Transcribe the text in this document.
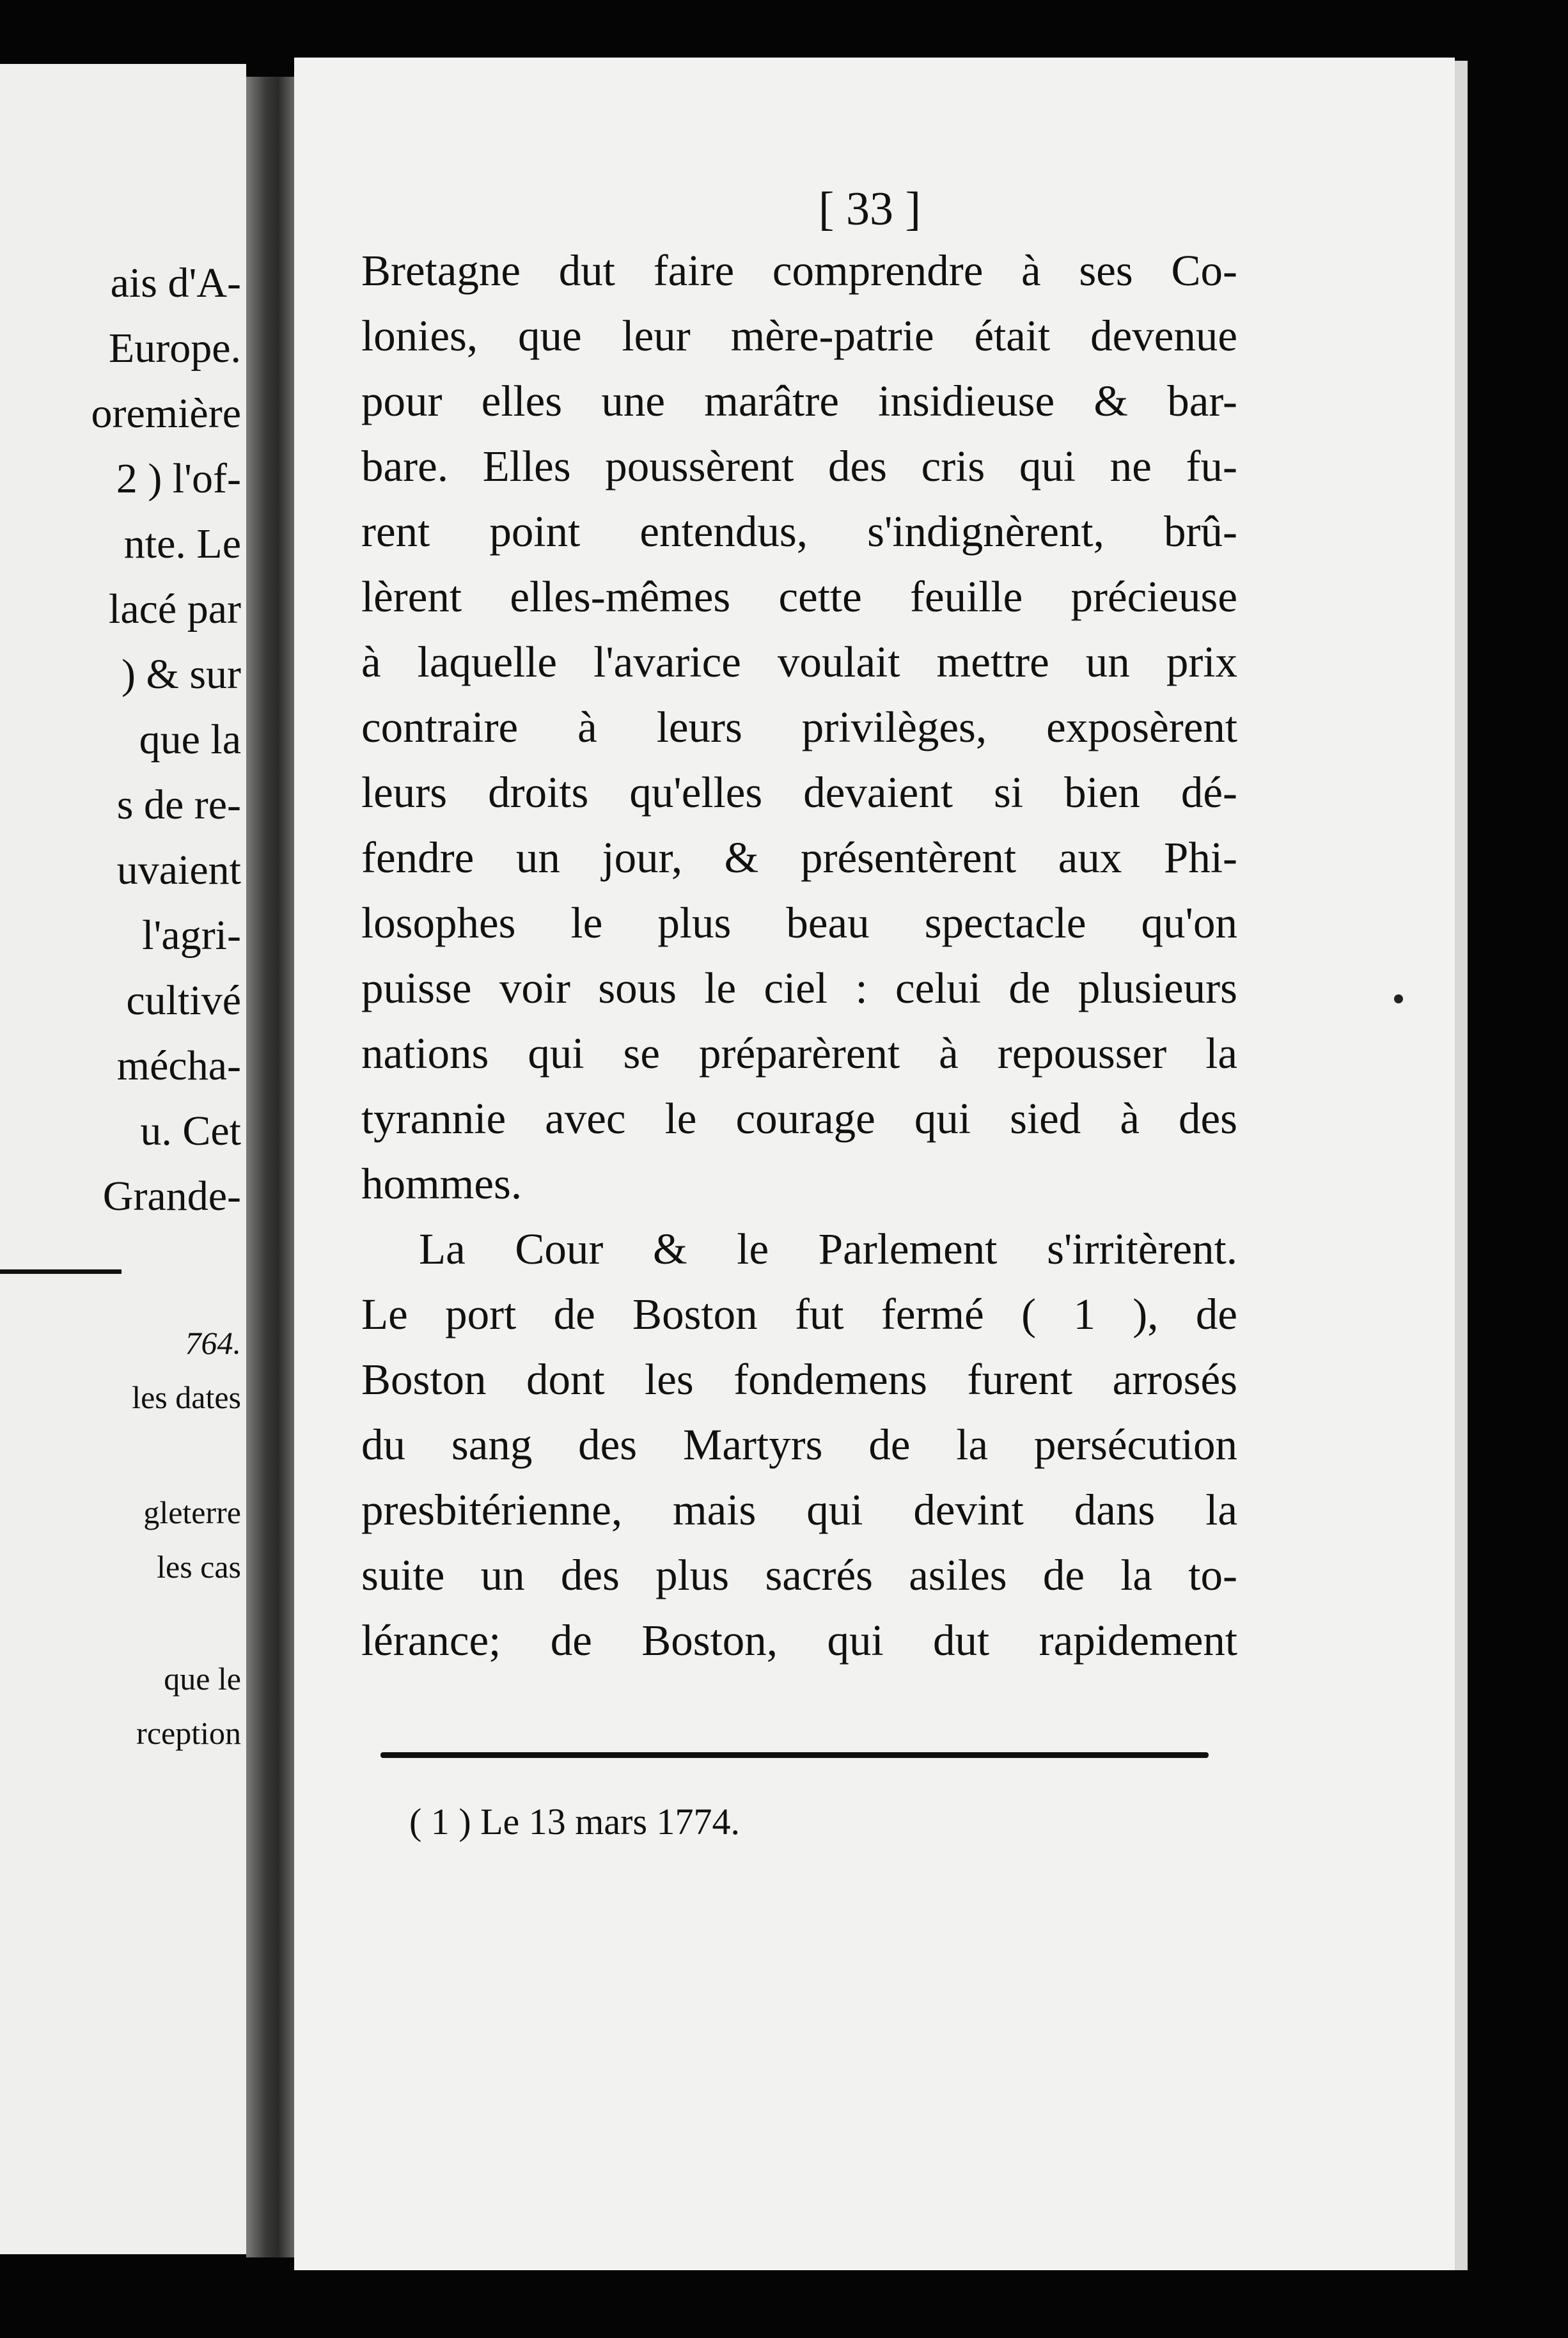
ais d'A-
Europe.
oremière
2 ) l'of-
nte. Le
lacé par
) & sur
que la
s de re-
uvaient
l'agri-
cultivé
mécha-
u. Cet
Grande-
764.
les dates
gleterre
les cas
que le
rception
[ 33 ]
Bretagne dut faire comprendre à ses Co-
lonies, que leur mère-patrie était devenue
pour elles une marâtre insidieuse & bar-
bare. Elles poussèrent des cris qui ne fu-
rent point entendus, s'indignèrent, brû-
lèrent elles-mêmes cette feuille précieuse
à laquelle l'avarice voulait mettre un prix
contraire à leurs privilèges, exposèrent
leurs droits qu'elles devaient si bien dé-
fendre un jour, & présentèrent aux Phi-
losophes le plus beau spectacle qu'on
puisse voir sous le ciel : celui de plusieurs
nations qui se préparèrent à repousser la
tyrannie avec le courage qui sied à des
hommes.
La Cour & le Parlement s'irritèrent.
Le port de Boston fut fermé ( 1 ), de
Boston dont les fondemens furent arrosés
du sang des Martyrs de la persécution
presbitérienne, mais qui devint dans la
suite un des plus sacrés asiles de la to-
lérance; de Boston, qui dut rapidement
( 1 ) Le 13 mars 1774.
